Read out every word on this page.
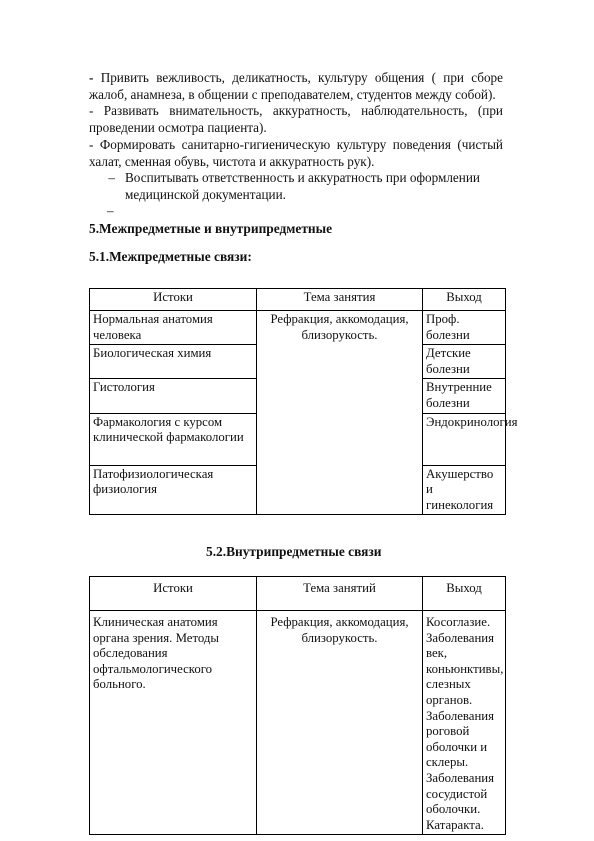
- Привить вежливость, деликатность, культуру общения ( при сборе жалоб, анамнеза, в общении с преподавателем, студентов между собой).

- Развивать внимательность, аккуратность, наблюдательность, (при проведении осмотра пациента).

- Формировать санитарно-гигиеническую культуру поведения (чистый халат, сменная обувь, чистота и аккуратность рук).

– Воспитывать ответственность и аккуратность при оформлении медицинской документации.
–
5.Межпредметные и внутрипредметные
5.1.Межпредметные связи:
Истоки	Тема занятия	Выход
Нормальная анатомия человека	Рефракция, аккомодация, близорукость.	Проф. болезни
Биологическая химия		Детские болезни
Гистология		Внутренние болезни
Фармакология с курсом клинической фармакологии		Эндокринология
Патофизиологическая физиология		Акушерство и гинекология
5.2.Внутрипредметные связи
Истоки	Тема занятий	Выход
Клиническая анатомия органа зрения. Методы обследования офтальмологического больного.	Рефракция, аккомодация, близорукость.	Косоглазие.
Заболевания век, коньюнктивы, слезных органов.
Заболевания роговой оболочки и склеры.
Заболевания сосудистой оболочки.
Катаракта.
